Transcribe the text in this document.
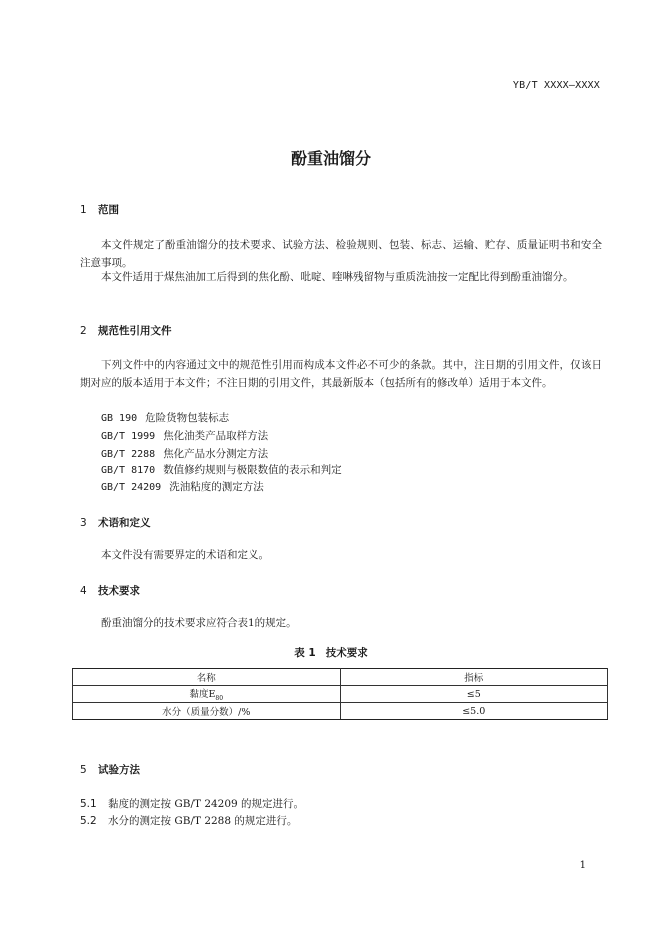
YB/T XXXX—XXXX
酚重油馏分
1 范围
本文件规定了酚重油馏分的技术要求、试验方法、检验规则、包装、标志、运输、贮存、质量证明书和安全注意事项。
本文件适用于煤焦油加工后得到的焦化酚、吡啶、喹啉残留物与重质洗油按一定配比得到酚重油馏分。
2 规范性引用文件
下列文件中的内容通过文中的规范性引用而构成本文件必不可少的条款。其中，注日期的引用文件，仅该日期对应的版本适用于本文件；不注日期的引用文件，其最新版本（包括所有的修改单）适用于本文件。
GB 190 危险货物包装标志
GB/T 1999 焦化油类产品取样方法
GB/T 2288 焦化产品水分测定方法
GB/T 8170 数值修约规则与极限数值的表示和判定
GB/T 24209 洗油粘度的测定方法
3 术语和定义
本文件没有需要界定的术语和定义。
4 技术要求
酚重油馏分的技术要求应符合表1的规定。
表 1 技术要求
名称	指标
黏度$E_{80}$	≤5
水分（质量分数）/%	≤5.0
5 试验方法
5.1 黏度的测定按 GB/T 24209 的规定进行。
5.2 水分的测定按 GB/T 2288 的规定进行。
1
